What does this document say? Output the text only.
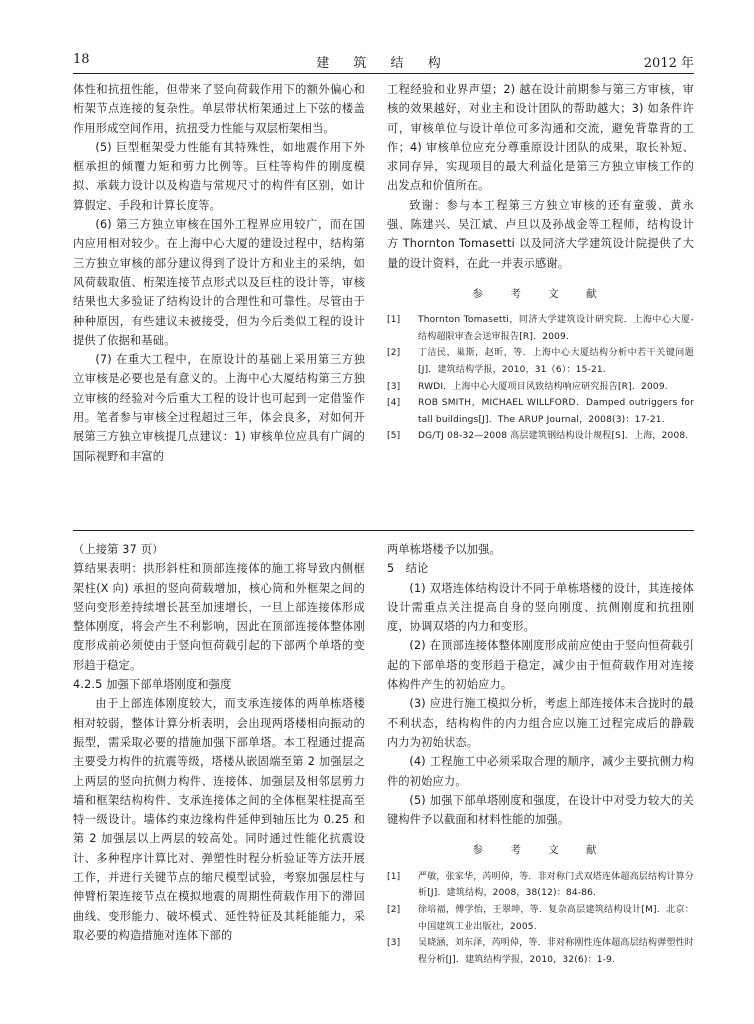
18	建 筑 结 构	2012 年

体性和抗扭性能，但带来了竖向荷载作用下的额外偏心和桁架节点连接的复杂性。单层带状桁架通过上下弦的楼盖作用形成空间作用，抗扭受力性能与双层桁架相当。

(5) 巨型框架受力性能有其特殊性，如地震作用下外框承担的倾覆力矩和剪力比例等。巨柱等构件的刚度模拟、承载力设计以及构造与常规尺寸的构件有区别，如计算假定、手段和计算长度等。

(6) 第三方独立审核在国外工程界应用较广，而在国内应用相对较少。在上海中心大厦的建设过程中，结构第三方独立审核的部分建议得到了设计方和业主的采纳，如风荷载取值、桁架连接节点形式以及巨柱的设计等，审核结果也大多验证了结构设计的合理性和可靠性。尽管由于种种原因，有些建议未被接受，但为今后类似工程的设计提供了依据和基础。

(7) 在重大工程中，在原设计的基础上采用第三方独立审核是必要也是有意义的。上海中心大厦结构第三方独立审核的经验对今后重大工程的设计也可起到一定借鉴作用。笔者参与审核全过程超过三年，体会良多，对如何开展第三方独立审核提几点建议：1) 审核单位应具有广阔的国际视野和丰富的

工程经验和业界声望；2) 越在设计前期参与第三方审核，审核的效果越好，对业主和设计团队的帮助越大；3) 如条件许可，审核单位与设计单位可多沟通和交流，避免背靠背的工作；4) 审核单位应充分尊重原设计团队的成果，取长补短、求同存异，实现项目的最大利益化是第三方独立审核工作的出发点和价值所在。

致谢：参与本工程第三方独立审核的还有童骏、黄永强、陈建兴、吴江斌、卢旦以及孙战金等工程师，结构设计方 Thornton Tomasetti 以及同济大学建筑设计院提供了大量的设计资料，在此一并表示感谢。

参 考 文 献
[1] Thornton Tomasetti，同济大学建筑设计研究院．上海中心大厦-结构超限审查会送审报告[R]．2009.
[2] 丁洁民，巢斯，赵昕，等．上海中心大厦结构分析中若干关键问题[J]．建筑结构学报，2010，31（6）：15-21.
[3] RWDI．上海中心大厦项目风致结构响应研究报告[R]．2009.
[4] ROB SMITH，MICHAEL WILLFORD．Damped outriggers for tall buildings[J]．The ARUP Journal，2008(3)：17-21.
[5] DG/TJ 08-32—2008 高层建筑钢结构设计规程[S]．上海，2008.

（上接第 37 页）

算结果表明：拱形斜柱和顶部连接体的施工将导致内侧框架柱(X 向) 承担的竖向荷载增加，核心筒和外框架之间的竖向变形差持续增长甚至加速增长，一旦上部连接体形成整体刚度，将会产生不利影响，因此在顶部连接体整体刚度形成前必须使由于竖向恒荷载引起的下部两个单塔的变形趋于稳定。

4.2.5 加强下部单塔刚度和强度

由于上部连体刚度较大，而支承连接体的两单栋塔楼相对较弱，整体计算分析表明，会出现两塔楼相向振动的振型，需采取必要的措施加强下部单塔。本工程通过提高主要受力构件的抗震等级，塔楼从嵌固端至第 2 加强层之上两层的竖向抗侧力构件、连接体、加强层及相邻层剪力墙和框架结构构件、支承连接体之间的全体框架柱提高至特一级设计。墙体约束边缘构件延伸到轴压比为 0.25 和第 2 加强层以上两层的较高处。同时通过性能化抗震设计、多种程序计算比对、弹塑性时程分析验证等方法开展工作，并进行关键节点的缩尺模型试验，考察加强层柱与伸臂桁架连接节点在模拟地震的周期性荷载作用下的滞回曲线、变形能力、破坏模式、延性特征及其耗能能力，采取必要的构造措施对连体下部的

两单栋塔楼予以加强。

5　结论

(1) 双塔连体结构设计不同于单栋塔楼的设计，其连接体设计需重点关注提高自身的竖向刚度、抗侧刚度和抗扭刚度，协调双塔的内力和变形。

(2) 在顶部连接体整体刚度形成前应使由于竖向恒荷载引起的下部单塔的变形趋于稳定，减少由于恒荷载作用对连接体构件产生的初始应力。

(3) 应进行施工模拟分析，考虑上部连接体未合拢时的最不利状态，结构构件的内力组合应以施工过程完成后的静载内力为初始状态。

(4) 工程施工中必须采取合理的顺序，减少主要抗侧力构件的初始应力。

(5) 加强下部单塔刚度和强度，在设计中对受力较大的关键构件予以截面和材料性能的加强。

参 考 文 献
[1] 严敏，张家华，芮明倬，等．非对称门式双塔连体超高层结构计算分析[J]．建筑结构，2008，38(12)：84-86.
[2] 徐培福，傅学怡，王翠坤，等．复杂高层建筑结构设计[M]．北京：中国建筑工业出版社，2005.
[3] 吴晓涵，刘东泽，芮明倬，等．非对称刚性连体超高层结构弹塑性时程分析[J]．建筑结构学报，2010，32(6)：1-9.
